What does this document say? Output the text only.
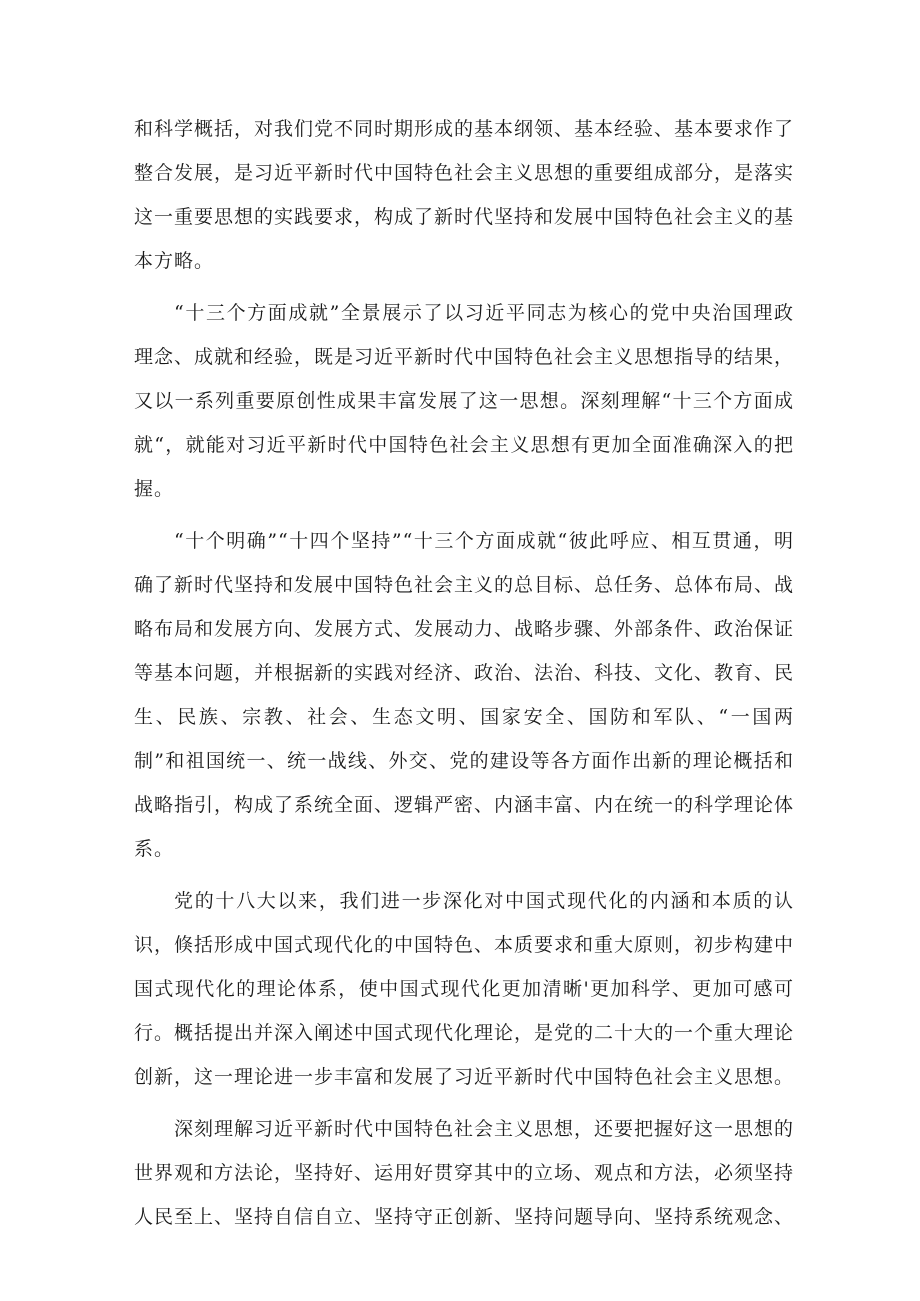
和科学概括，对我们党不同时期形成的基本纲领、基本经验、基本要求作了整合发展，是习近平新时代中国特色社会主义思想的重要组成部分，是落实这一重要思想的实践要求，构成了新时代坚持和发展中国特色社会主义的基本方略。

“十三个方面成就”全景展示了以习近平同志为核心的党中央治国理政理念、成就和经验，既是习近平新时代中国特色社会主义思想指导的结果，又以一系列重要原创性成果丰富发展了这一思想。深刻理解“十三个方面成就“，就能对习近平新时代中国特色社会主义思想有更加全面准确深入的把握。

“十个明确”“十四个坚持”“十三个方面成就“彼此呼应、相互贯通，明确了新时代坚持和发展中国特色社会主义的总目标、总任务、总体布局、战略布局和发展方向、发展方式、发展动力、战略步骤、外部条件、政治保证等基本问题，并根据新的实践对经济、政治、法治、科技、文化、教育、民生、民族、宗教、社会、生态文明、国家安全、国防和军队、“一国两制”和祖国统一、统一战线、外交、党的建设等各方面作出新的理论概括和战略指引，构成了系统全面、逻辑严密、内涵丰富、内在统一的科学理论体系。

党的十八大以来，我们进一步深化对中国式现代化的内涵和本质的认识，倏括形成中国式现代化的中国特色、本质要求和重大原则，初步构建中国式现代化的理论体系，使中国式现代化更加清晰'更加科学、更加可感可行。概括提出并深入阐述中国式现代化理论，是党的二十大的一个重大理论创新，这一理论进一步丰富和发展了习近平新时代中国特色社会主义思想。

深刻理解习近平新时代中国特色社会主义思想，还要把握好这一思想的世界观和方法论，坚持好、运用好贯穿其中的立场、观点和方法，必须坚持人民至上、坚持自信自立、坚持守正创新、坚持问题导向、坚持系统观念、
